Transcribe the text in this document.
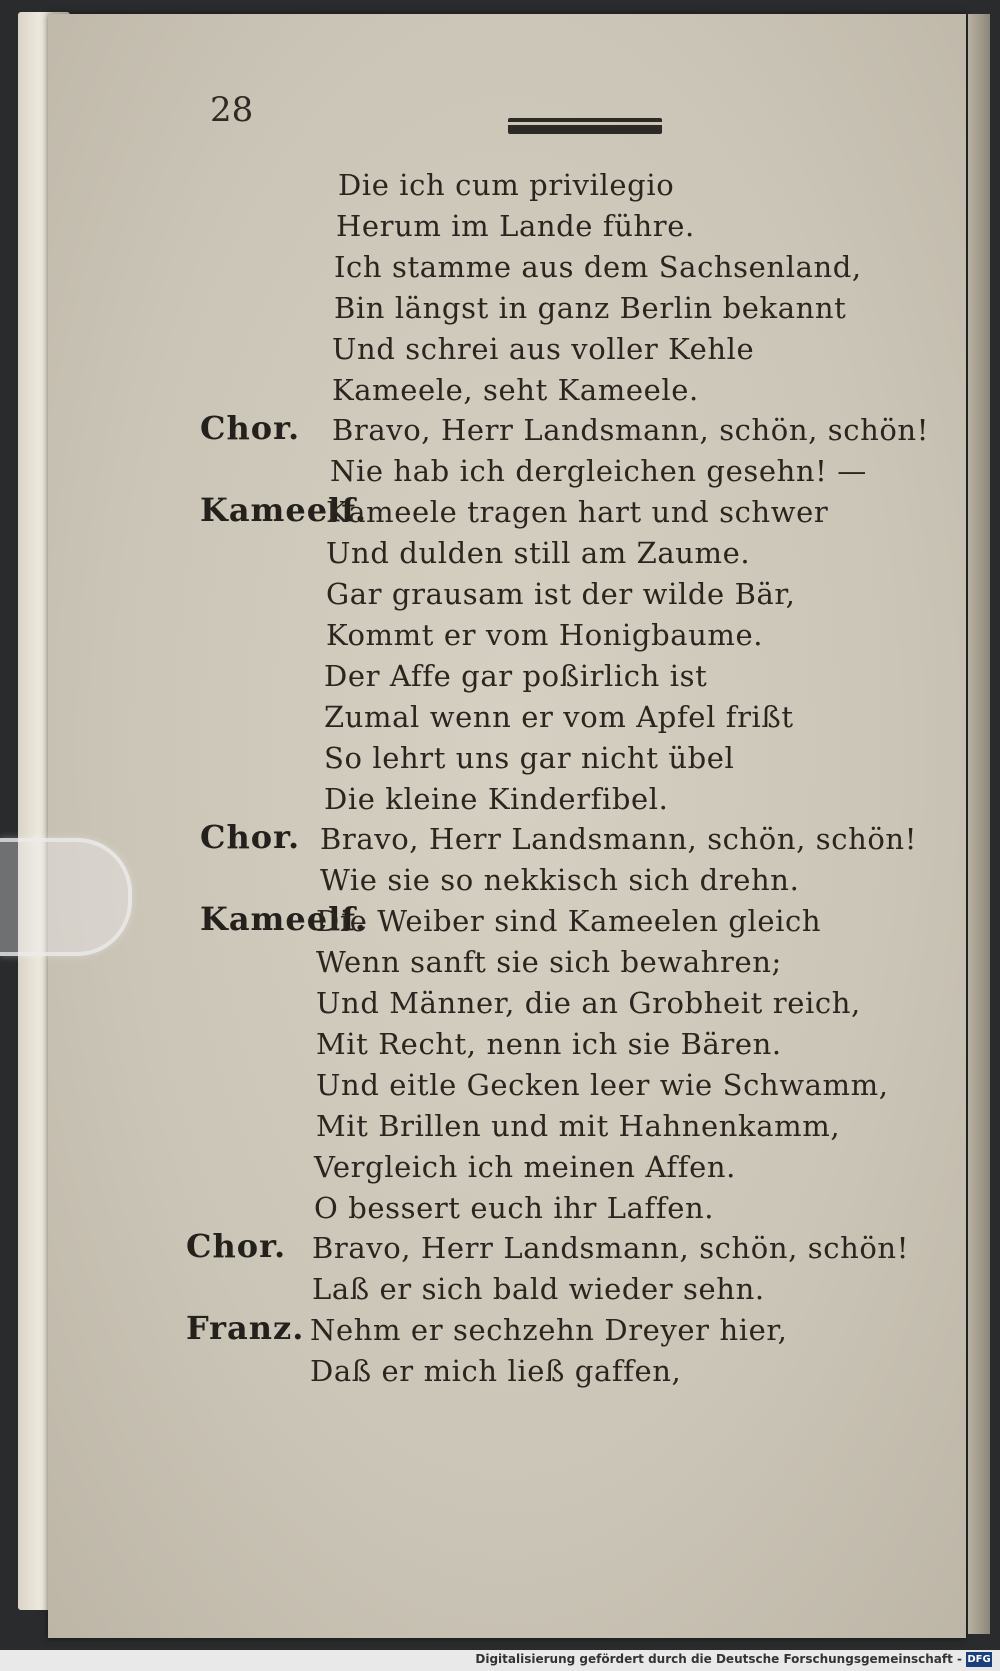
28
Die ich cum privilegio
Herum im Lande führe.
Ich stamme aus dem Sachsenland,
Bin längst in ganz Berlin bekannt
Und schrei aus voller Kehle
Kameele, seht Kameele.
Chor. Bravo, Herr Landsmann, schön, schön!
Nie hab ich dergleichen gesehn! —
Kameelf.
Kameele tragen hart und schwer
Und dulden still am Zaume.
Gar grausam ist der wilde Bär,
Kommt er vom Honigbaume.
Der Affe gar poßirlich ist
Zumal wenn er vom Apfel frißt
So lehrt uns gar nicht übel
Die kleine Kinderfibel.
Chor. Bravo, Herr Landsmann, schön, schön!
Wie sie so nekkisch sich drehn.
Kameelf.
Die Weiber sind Kameelen gleich
Wenn sanft sie sich bewahren;
Und Männer, die an Grobheit reich,
Mit Recht, nenn ich sie Bären.
Und eitle Gecken leer wie Schwamm,
Mit Brillen und mit Hahnenkamm,
Vergleich ich meinen Affen.
O bessert euch ihr Laffen.
Chor. Bravo, Herr Landsmann, schön, schön!
Laß er sich bald wieder sehn.
Franz. Nehm er sechzehn Dreyer hier,
Daß er mich ließ gaffen,
Digitalisierung gefördert durch die Deutsche Forschungsgemeinschaft - DFG
